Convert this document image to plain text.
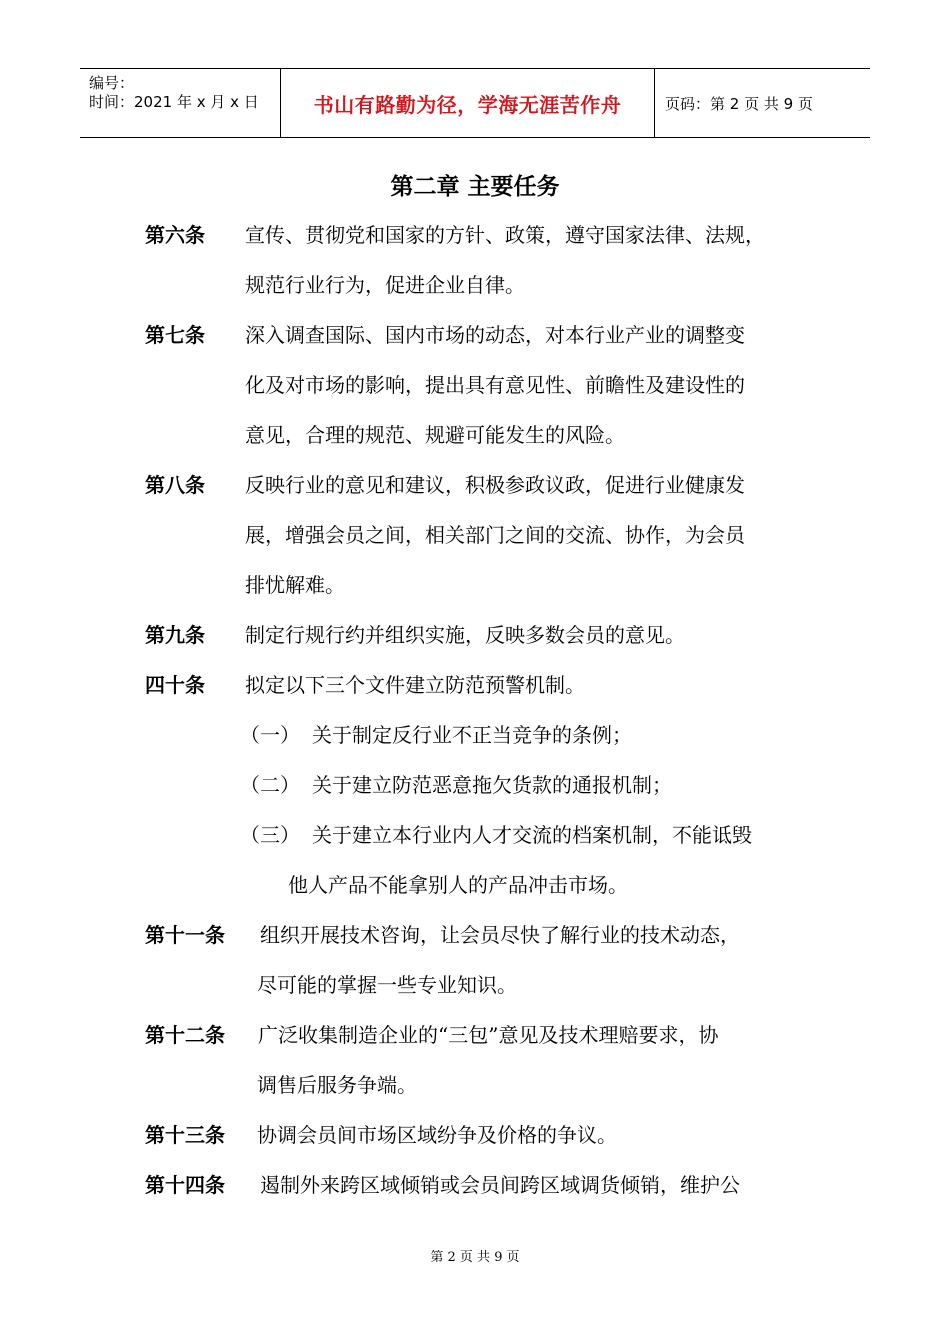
编号：
时间：2021 年 x 月 x 日	书山有路勤为径，学海无涯苦作舟	页码：第 2 页 共 9 页
第二章 主要任务
第六条 宣传、贯彻党和国家的方针、政策，遵守国家法律、法规，
规范行业行为，促进企业自律。
第七条 深入调查国际、国内市场的动态，对本行业产业的调整变
化及对市场的影响，提出具有意见性、前瞻性及建设性的
意见，合理的规范、规避可能发生的风险。
第八条 反映行业的意见和建议，积极参政议政，促进行业健康发
展，增强会员之间，相关部门之间的交流、协作，为会员
排忧解难。
第九条 制定行规行约并组织实施，反映多数会员的意见。
四十条 拟定以下三个文件建立防范预警机制。
（一） 关于制定反行业不正当竞争的条例；
（二） 关于建立防范恶意拖欠货款的通报机制；
（三） 关于建立本行业内人才交流的档案机制，不能诋毁
他人产品不能拿别人的产品冲击市场。
第十一条 组织开展技术咨询，让会员尽快了解行业的技术动态，
尽可能的掌握一些专业知识。
第十二条 广泛收集制造企业的“三包”意见及技术理赔要求，协
调售后服务争端。
第十三条 协调会员间市场区域纷争及价格的争议。
第十四条 遏制外来跨区域倾销或会员间跨区域调货倾销，维护公
第 2 页 共 9 页
